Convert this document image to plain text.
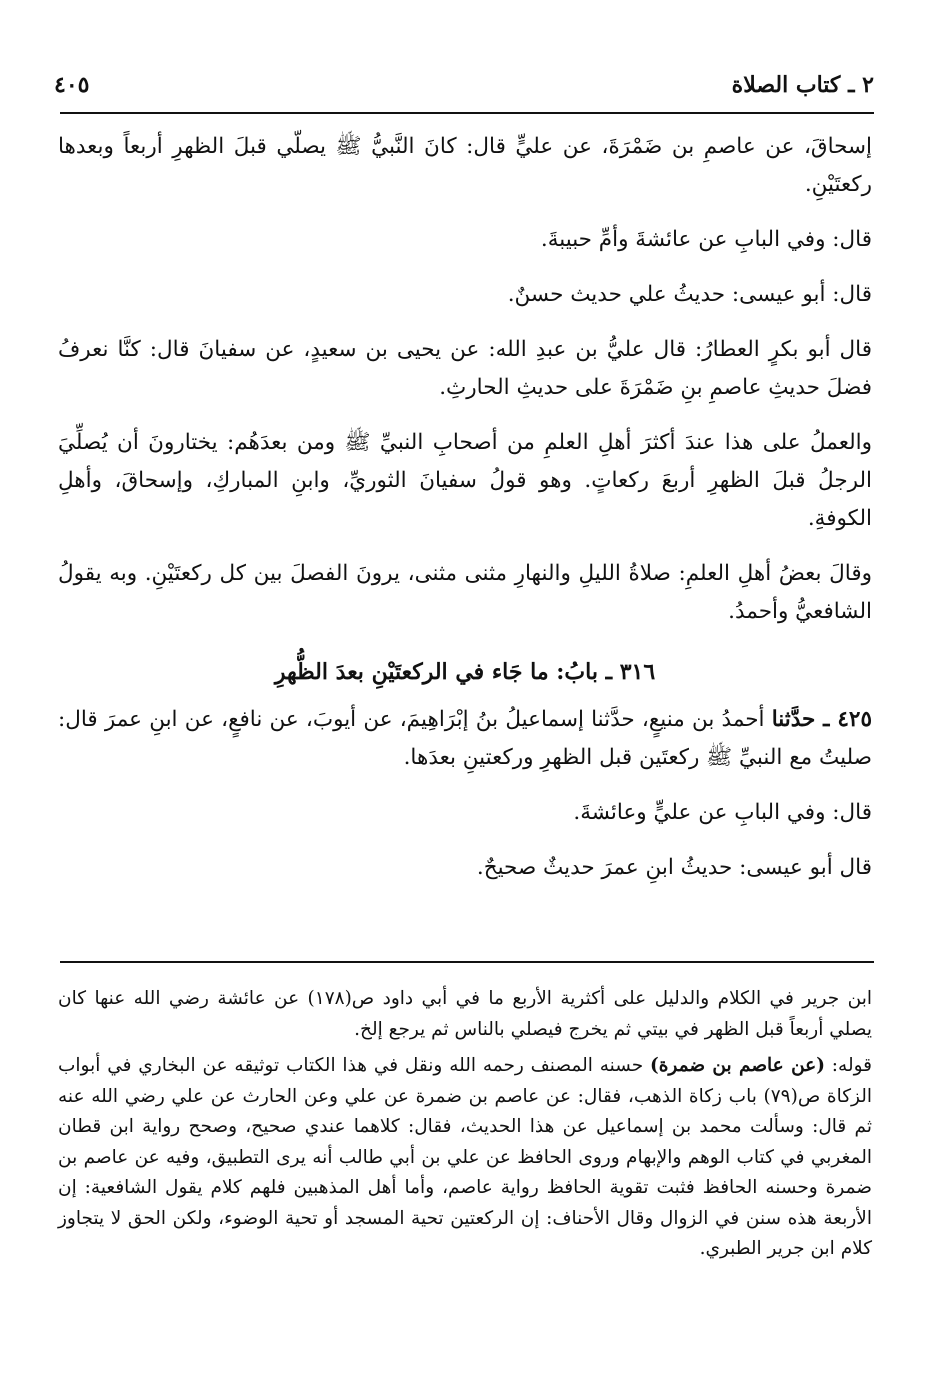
٢ ـ كتاب الصلاة
٤٠٥

إسحاقَ، عن عاصمِ بن ضَمْرَةَ، عن عليٍّ قال: كانَ النَّبيُّ ﷺ يصلّي قبلَ الظهرِ أربعاً وبعدها ركعتَيْنِ.

قال: وفي البابِ عن عائشةَ وأمِّ حبيبةَ.

قال: أبو عيسى: حديثُ علي حديث حسنٌ.

قال أبو بكرٍ العطارُ: قال عليُّ بن عبدِ الله: عن يحيى بن سعيدٍ، عن سفيانَ قال: كنَّا نعرفُ فضلَ حديثِ عاصمِ بنِ ضَمْرَةَ على حديثِ الحارثِ.

والعملُ على هذا عندَ أكثرَ أهلِ العلمِ من أصحابِ النبيِّ ﷺ ومن بعدَهُم: يختارونَ أن يُصلِّيَ الرجلُ قبلَ الظهرِ أربعَ ركعاتٍ. وهو قولُ سفيانَ الثوريِّ، وابنِ المباركِ، وإسحاقَ، وأهلِ الكوفةِ.

وقالَ بعضُ أهلِ العلمِ: صلاةُ الليلِ والنهارِ مثنى مثنى، يرونَ الفصلَ بين كل ركعتَيْنِ. وبه يقولُ الشافعيُّ وأحمدُ.

٣١٦ ـ بابُ: ما جَاء في الركعتَيْنِ بعدَ الظُّهرِ

٤٢٥ ـ حدَّثنا أحمدُ بن منيعٍ، حدَّثنا إسماعيلُ بنُ إبْرَاهِيمَ، عن أيوبَ، عن نافعٍ، عن ابنِ عمرَ قال: صليتُ مع النبيِّ ﷺ ركعتَين قبل الظهرِ وركعتينِ بعدَها.

قال: وفي البابِ عن عليٍّ وعائشةَ.

قال أبو عيسى: حديثُ ابنِ عمرَ حديثٌ صحيحٌ.

ابن جرير في الكلام والدليل على أكثرية الأربع ما في أبي داود ص(١٧٨) عن عائشة رضي الله عنها كان يصلي أربعاً قبل الظهر في بيتي ثم يخرج فيصلي بالناس ثم يرجع إلخ.

قوله: (عن عاصم بن ضمرة) حسنه المصنف رحمه الله ونقل في هذا الكتاب توثيقه عن البخاري في أبواب الزكاة ص(٧٩) باب زكاة الذهب، فقال: عن عاصم بن ضمرة عن علي وعن الحارث عن علي رضي الله عنه ثم قال: وسألت محمد بن إسماعيل عن هذا الحديث، فقال: كلاهما عندي صحيح، وصحح رواية ابن قطان المغربي في كتاب الوهم والإبهام وروى الحافظ عن علي بن أبي طالب أنه يرى التطبيق، وفيه عن عاصم بن ضمرة وحسنه الحافظ فثبت تقوية الحافظ رواية عاصم، وأما أهل المذهبين فلهم كلام يقول الشافعية: إن الأربعة هذه سنن في الزوال وقال الأحناف: إن الركعتين تحية المسجد أو تحية الوضوء، ولكن الحق لا يتجاوز كلام ابن جرير الطبري.
